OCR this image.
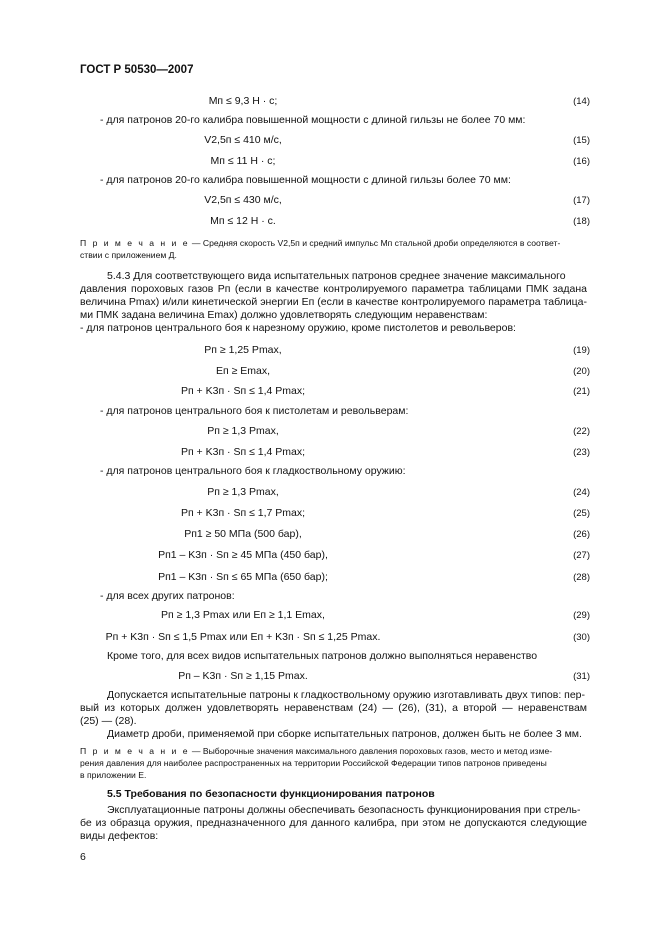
ГОСТ Р 50530—2007
Mп ≤ 9,3 Н · с;	(14)
- для патронов 20-го калибра повышенной мощности с длиной гильзы не более 70 мм:
V2,5п ≤ 410 м/с,	(15)
Mп ≤ 11 Н · с;	(16)
- для патронов 20-го калибра повышенной мощности с длиной гильзы более 70 мм:
V2,5п ≤ 430 м/с,	(17)
Mп ≤ 12 Н · с.	(18)
П р и м е ч а н и е — Средняя скорость V2,5п и средний импульс Mп стальной дроби определяются в соответ-
ствии с приложением Д.
5.4.3 Для соответствующего вида испытательных патронов среднее значение максимального
давления пороховых газов Pп (если в качестве контролируемого параметра таблицами ПМК задана
величина Pmax) и/или кинетической энергии Eп (если в качестве контролируемого параметра таблица-
ми ПМК задана величина Emax) должно удовлетворять следующим неравенствам:
- для патронов центрального боя к нарезному оружию, кроме пистолетов и револьверов:
Pп ≥ 1,25 Pmax,	(19)
Eп ≥ Emax,	(20)
Pп + K3п · Sп ≤ 1,4 Pmax;	(21)
- для патронов центрального боя к пистолетам и револьверам:
Pп ≥ 1,3 Pmax,	(22)
Pп + K3п · Sп ≤ 1,4 Pmax;	(23)
- для патронов центрального боя к гладкоствольному оружию:
Pп ≥ 1,3 Pmax,	(24)
Pп + K3п · Sп ≤ 1,7 Pmax;	(25)
Pп1 ≥ 50 МПа (500 бар),	(26)
Pп1 – K3п · Sп ≥ 45 МПа (450 бар),	(27)
Pп1 – K3п · Sп ≤ 65 МПа (650 бар);	(28)
- для всех других патронов:
Pп ≥ 1,3 Pmax или Eп ≥ 1,1 Emax,	(29)
Pп + K3п · Sп ≤ 1,5 Pmax или Eп + K3п · Sп ≤ 1,25 Pmax.	(30)
Кроме того, для всех видов испытательных патронов должно выполняться неравенство
Pп – K3п · Sп ≥ 1,15 Pmax.	(31)
Допускается испытательные патроны к гладкоствольному оружию изготавливать двух типов: пер-
вый из которых должен удовлетворять неравенствам (24) — (26), (31), а второй — неравенствам
(25) — (28).
Диаметр дроби, применяемой при сборке испытательных патронов, должен быть не более 3 мм.
П р и м е ч а н и е — Выборочные значения максимального давления пороховых газов, место и метод изме-
рения давления для наиболее распространенных на территории Российской Федерации типов патронов приведены
в приложении Е.
5.5 Требования по безопасности функционирования патронов
Эксплуатационные патроны должны обеспечивать безопасность функционирования при стрель-
бе из образца оружия, предназначенного для данного калибра, при этом не допускаются следующие
виды дефектов:
6
